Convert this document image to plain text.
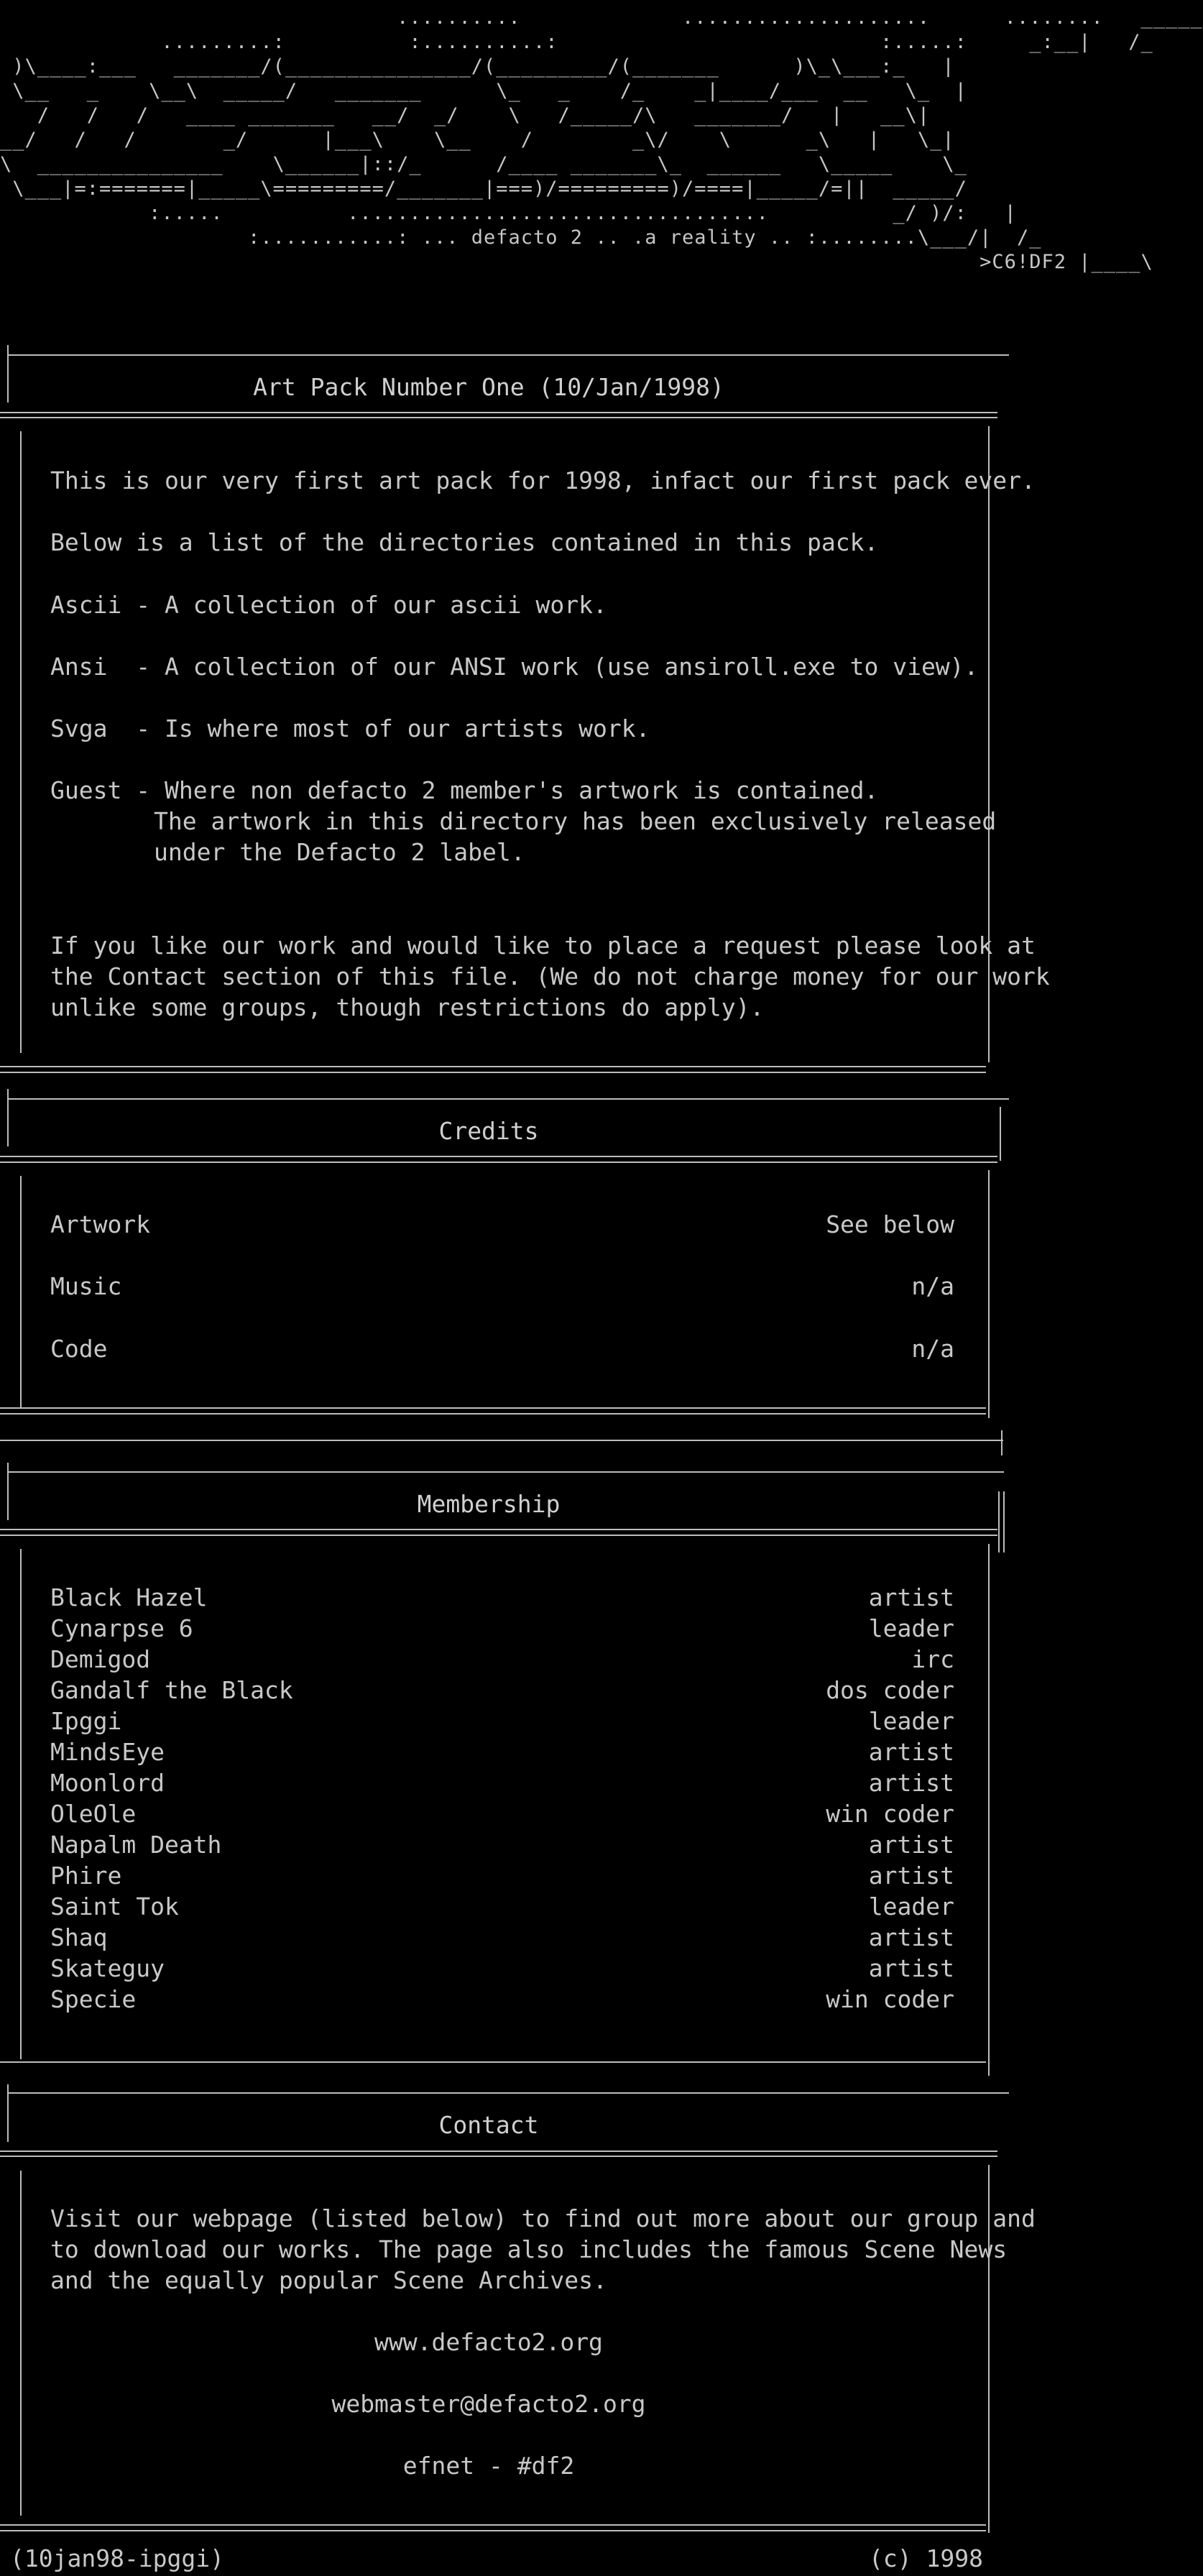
..........             ....................      ........   _____
.........:          :..........:                          :.....:     _:__|   /_
)\____:___   _______/(_______________/(_________/(_______      )\_\___:_   |
\__   _    \__\  _____/   _______      \_   _    /_    _|____/___  __   \_  |
/   /   /   ____ _______   __/  _/    \   /_____/\   _______/   |   __\|
__/   /   /       _/      |___\    \__    /        _\/    \      _\   |   \_|
\  _______________    \______|::/_      /____ _______\_  ______   \_____    \_
\___|=:=======|_____\=========/_______|===)/=========)/====|_____/=||  _____/
:.....          ..................................          _/ )/:   |
:...........: ... defacto 2 .. .a reality .. :........\___/|  /_
>C6!DF2 |____\
Art Pack Number One (10/Jan/1998)
This is our very first art pack for 1998, infact our first pack ever.
Below is a list of the directories contained in this pack.
Ascii - A collection of our ascii work.
Ansi  - A collection of our ANSI work (use ansiroll.exe to view).
Svga  - Is where most of our artists work.
Guest - Where non defacto 2 member's artwork is contained.
The artwork in this directory has been exclusively released
under the Defacto 2 label.
If you like our work and would like to place a request please look at
the Contact section of this file. (We do not charge money for our work
unlike some groups, though restrictions do apply).
Credits
Artwork	See below
Music	n/a
Code	n/a
Membership
Black Hazel	artist
Cynarpse 6	leader
Demigod	irc
Gandalf the Black	dos coder
Ipggi	leader
MindsEye	artist
Moonlord	artist
OleOle	win coder
Napalm Death	artist
Phire	artist
Saint Tok	leader
Shaq	artist
Skateguy	artist
Specie	win coder
Contact
Visit our webpage (listed below) to find out more about our group and
to download our works. The page also includes the famous Scene News
and the equally popular Scene Archives.
www.defacto2.org
webmaster@defacto2.org
efnet - #df2
(10jan98-ipggi)	(c) 1998
